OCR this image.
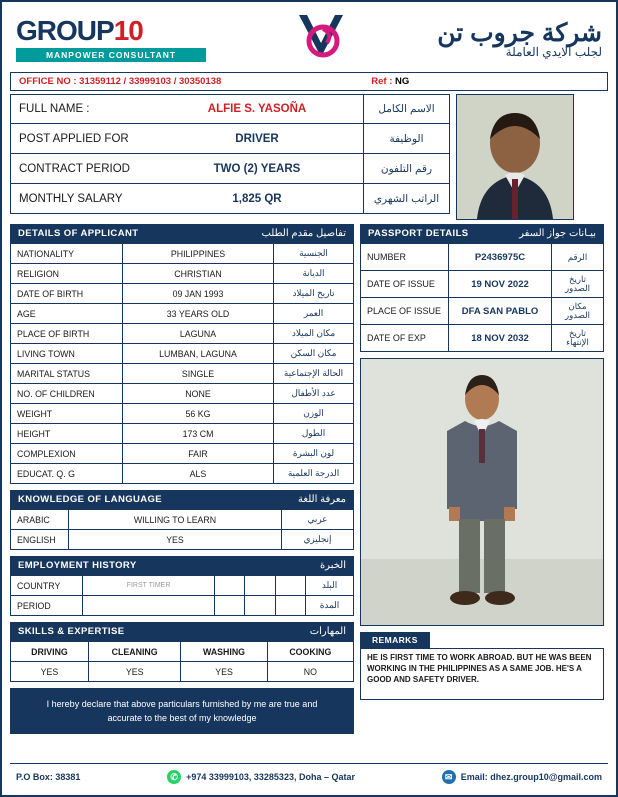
GROUP10
MANPOWER CONSULTANT
شركة جروب تن
لجلب الايدي العاملة
OFFICE NO : 31359112 / 33999103 / 30350138	Ref : NG
FULL NAME :	ALFIE S. YASOÑA	الاسم الكامل
POST APPLIED FOR	DRIVER	الوظيفة
CONTRACT PERIOD	TWO (2) YEARS	رقم التلفون
MONTHLY SALARY	1,825 QR	الراتب الشهري
DETAILS OF APPLICANT	تفاصيل مقدم الطلب
NATIONALITY	PHILIPPINES	الجنسية
RELIGION	CHRISTIAN	الديانة
DATE OF BIRTH	09 JAN 1993	تاريخ الميلاد
AGE	33 YEARS OLD	العمر
PLACE OF BIRTH	LAGUNA	مكان الميلاد
LIVING TOWN	LUMBAN, LAGUNA	مكان السكن
MARITAL STATUS	SINGLE	الحالة الإجتماعية
NO. OF CHILDREN	NONE	عدد الأطفال
WEIGHT	56 KG	الوزن
HEIGHT	173 CM	الطول
COMPLEXION	FAIR	لون البشرة
EDUCAT. Q. G	ALS	الدرجة العلمية
KNOWLEDGE OF LANGUAGE	معرفة اللغة
ARABIC	WILLING TO LEARN	عربي
ENGLISH	YES	إنجليزي
EMPLOYMENT HISTORY	الخبرة
COUNTRY	FIRST TIMER				البلد
PERIOD					المدة
SKILLS & EXPERTISE	المهارات
DRIVING	CLEANING	WASHING	COOKING
YES	YES	YES	NO
I hereby declare that above particulars furnished by me are true and accurate to the best of my knowledge
PASSPORT DETAILS	بيـانات جواز السفر
NUMBER	P2436975C	الرقم
DATE OF ISSUE	19 NOV 2022	تاريخ الصدور
PLACE OF ISSUE	DFA SAN PABLO	مكان الصدور
DATE OF EXP	18 NOV 2032	تاريخ الإنتهاء
REMARKS
HE IS FIRST TIME TO WORK ABROAD. BUT HE WAS BEEN WORKING IN THE PHILIPPINES AS A SAME JOB. HE'S A GOOD AND SAFETY DRIVER.
P.O Box: 38381	✆ +974 33999103, 33285323, Doha – Qatar	✉ Email: dhez.group10@gmail.com
